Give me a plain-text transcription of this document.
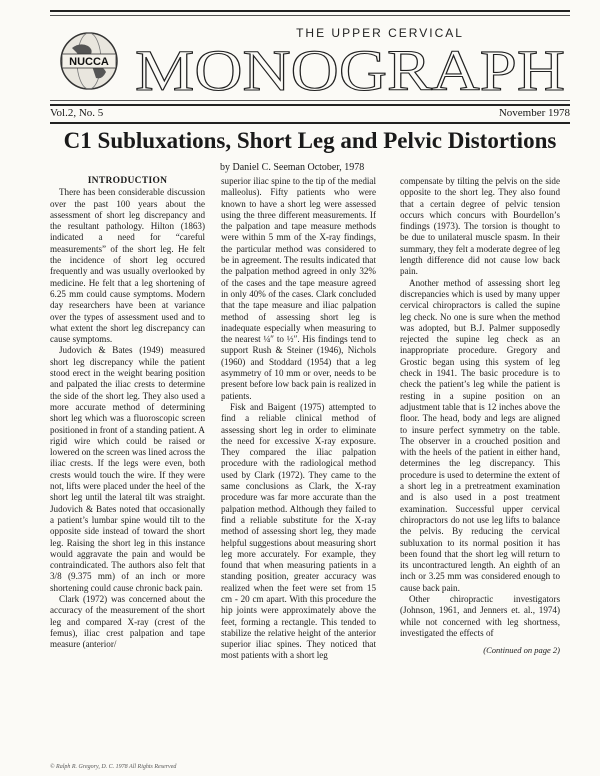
NUCCA
THE UPPER CERVICAL
MONOGRAPH
Vol.2, No. 5	November 1978
C1 Subluxations, Short Leg and Pelvic Distortions
by Daniel C. Seeman October, 1978

INTRODUCTION

There has been considerable discussion over the past 100 years about the assessment of short leg discrepancy and the resultant pathology. Hilton (1863) indicated a need for “careful measurements” of the short leg. He felt the incidence of short leg occured frequently and was usually overlooked by medicine. He felt that a leg shortening of 6.25 mm could cause symptoms. Modern day researchers have been at variance over the types of assessment used and to what extent the short leg discrepancy can cause symptoms.

Judovich & Bates (1949) measured short leg discrepancy while the patient stood erect in the weight bearing position and palpated the iliac crests to determine the side of the short leg. They also used a more accurate method of determining short leg which was a fluoroscopic screen positioned in front of a standing patient. A rigid wire which could be raised or lowered on the screen was lined across the iliac crests. If the legs were even, both crests would touch the wire. If they were not, lifts were placed under the heel of the short leg until the lateral tilt was straight. Judovich & Bates noted that occasionally a patient’s lumbar spine would tilt to the opposite side instead of toward the short leg. Raising the short leg in this instance would aggravate the pain and would be contraindicated. The authors also felt that 3/8 (9.375 mm) of an inch or more shortening could cause chronic back pain.

Clark (1972) was concerned about the accuracy of the measurement of the short leg and compared X-ray (crest of the femus), iliac crest palpation and tape measure (anterior/

superior iliac spine to the tip of the medial malleolus). Fifty patients who were known to have a short leg were assessed using the three different measurements. If the palpation and tape measure methods were within 5 mm of the X-ray findings, the particular method was considered to be in agreement. The results indicated that the palpation method agreed in only 32% of the cases and the tape measure agreed in only 40% of the cases. Clark concluded that the tape measure and iliac palpation method of assessing short leg is inadequate especially when measuring to the nearest ¼″ to ½″. His findings tend to support Rush & Steiner (1946), Nichols (1960) and Stoddard (1954) that a leg asymmetry of 10 mm or over, needs to be present before low back pain is realized in patients.

Fisk and Baigent (1975) attempted to find a reliable clinical method of assessing short leg in order to eliminate the need for excessive X-ray exposure. They compared the iliac palpation procedure with the radiological method used by Clark (1972). They came to the same conclusions as Clark, the X-ray procedure was far more accurate than the palpation method. Although they failed to find a reliable substitute for the X-ray method of assessing short leg, they made helpful suggestions about measuring short leg more accurately. For example, they found that when measuring patients in a standing position, greater accuracy was realized when the feet were set from 15 cm - 20 cm apart. With this procedure the hip joints were approximately above the feet, forming a rectangle. This tended to stabilize the relative height of the anterior superior iliac spines. They noticed that most patients with a short leg

compensate by tilting the pelvis on the side opposite to the short leg. They also found that a certain degree of pelvic tension occurs which concurs with Bourdellon’s findings (1973). The torsion is thought to be due to unilateral muscle spasm. In their summary, they felt a moderate degree of leg length difference did not cause low back pain.

Another method of assessing short leg discrepancies which is used by many upper cervical chiropractors is called the supine leg check. No one is sure when the method was adopted, but B.J. Palmer supposedly rejected the supine leg check as an inappropriate procedure. Gregory and Grostic began using this system of leg check in 1941. The basic procedure is to check the patient’s leg while the patient is resting in a supine position on an adjustment table that is 12 inches above the floor. The head, body and legs are aligned to insure perfect symmetry on the table. The observer in a crouched position and with the heels of the patient in either hand, determines the leg discrepancy. This procedure is used to determine the extent of a short leg in a pretreatment examination and is also used in a post treatment examination. Successful upper cervical chiropractors do not use leg lifts to balance the pelvis. By reducing the cervical subluxation to its normal position it has been found that the short leg will return to its uncontractured length. An eighth of an inch or 3.25 mm was considered enough to cause back pain.

Other chiropractic investigators (Johnson, 1961, and Jenners et. al., 1974) while not concerned with leg shortness, investigated the effects of

(Continued on page 2)
© Ralph R. Gregory, D. C. 1978 All Rights Reserved
